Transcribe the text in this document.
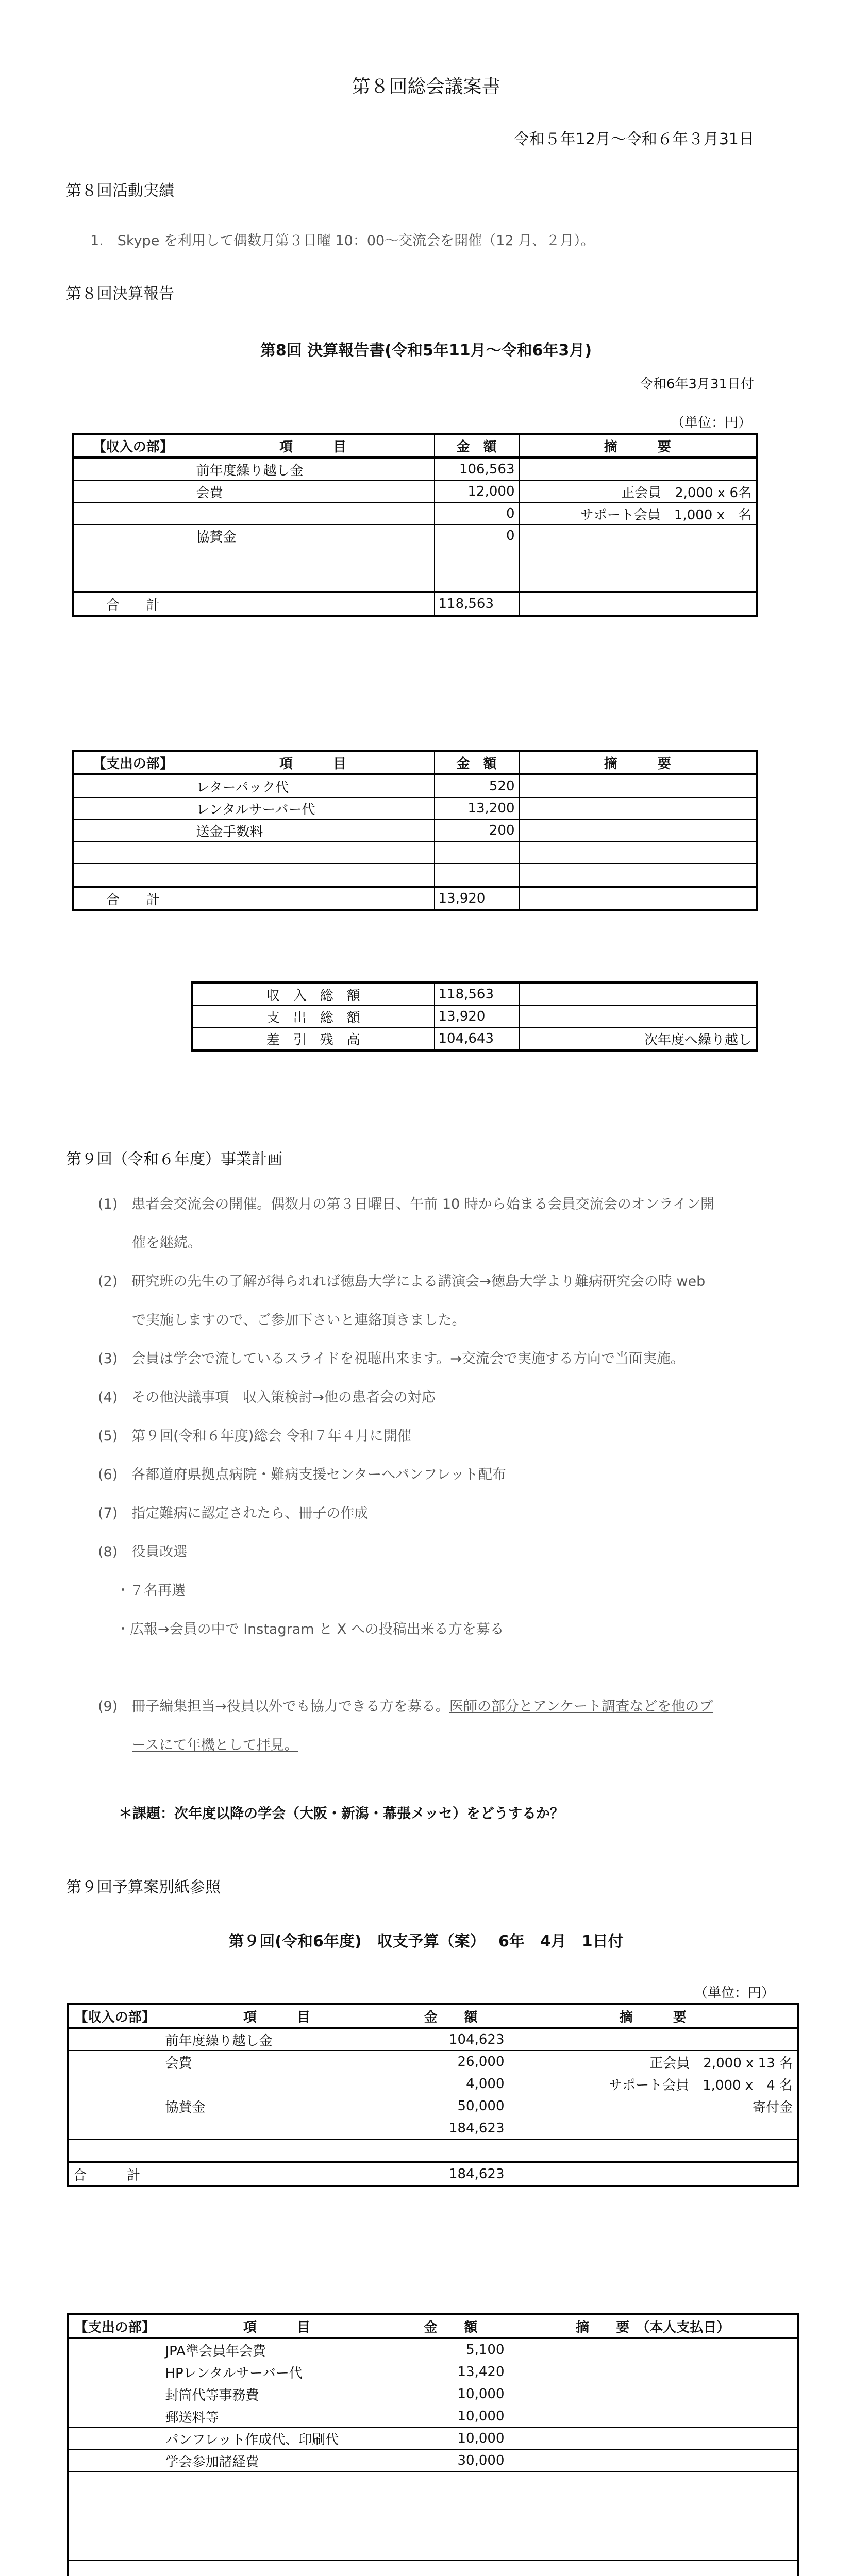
第８回総会議案書
令和５年12月～令和６年３月31日
第８回活動実績
1.　Skype を利用して偶数月第３日曜 10：00～交流会を開催（12 月、２月）。
第８回決算報告
第8回 決算報告書(令和5年11月～令和6年3月)
令和6年3月31日付
（単位：円）
【収入の部】	項　　　目	金　額	摘　　　要
	前年度繰り越し金	106,563	
	会費	12,000	正会員　2,000 x 6名
		0	サポート会員　1,000 x　名
	協賛金	0	

合　　計		118,563	
【支出の部】	項　　　目	金　額	摘　　　要
	レターパック代	520	
	レンタルサーバー代	13,200	
	送金手数料	200	

合　　計		13,920	
収　入　総　額	118,563	
支　出　総　額	13,920	
差　引　残　高	104,643	次年度へ繰り越し
第９回（令和６年度）事業計画
(1)　患者会交流会の開催。偶数月の第３日曜日、午前 10 時から始まる会員交流会のオンライン開
催を継続。
(2)　研究班の先生の了解が得られれば徳島大学による講演会→徳島大学より難病研究会の時 web
で実施しますので、ご参加下さいと連絡頂きました。
(3)　会員は学会で流しているスライドを視聴出来ます。→交流会で実施する方向で当面実施。
(4)　その他決議事項　収入策検討→他の患者会の対応
(5)　第９回(令和６年度)総会 令和７年４月に開催
(6)　各都道府県拠点病院・難病支援センターへパンフレット配布
(7)　指定難病に認定されたら、冊子の作成
(8)　役員改選
・７名再選
・広報→会員の中で Instagram と X への投稿出来る方を募る
(9)　冊子編集担当→役員以外でも協力できる方を募る。医師の部分とアンケート調査などを他のブ
ースにて年機として拝見。
＊課題：次年度以降の学会（大阪・新潟・幕張メッセ）をどうするか？
第９回予算案別紙参照
第９回(令和6年度)　収支予算（案）　 6年　4月　1日付
（単位：円）
【収入の部】	項　　　目	金　　額	摘　　　要
	前年度繰り越し金	104,623	
	会費	26,000	正会員　2,000 x 13 名
		4,000	サポート会員　1,000 x　4 名
	協賛金	50,000	寄付金
		184,623	

合　　　計		184,623	
【支出の部】	項　　　目	金　　額	摘　　要　（本人支払日）
	JPA準会員年会費	5,100	
	HPレンタルサーバー代	13,420	
	封筒代等事務費	10,000	
	郵送料等	10,000	
	パンフレット作成代、印刷代	10,000	
	学会参加諸経費	30,000	
